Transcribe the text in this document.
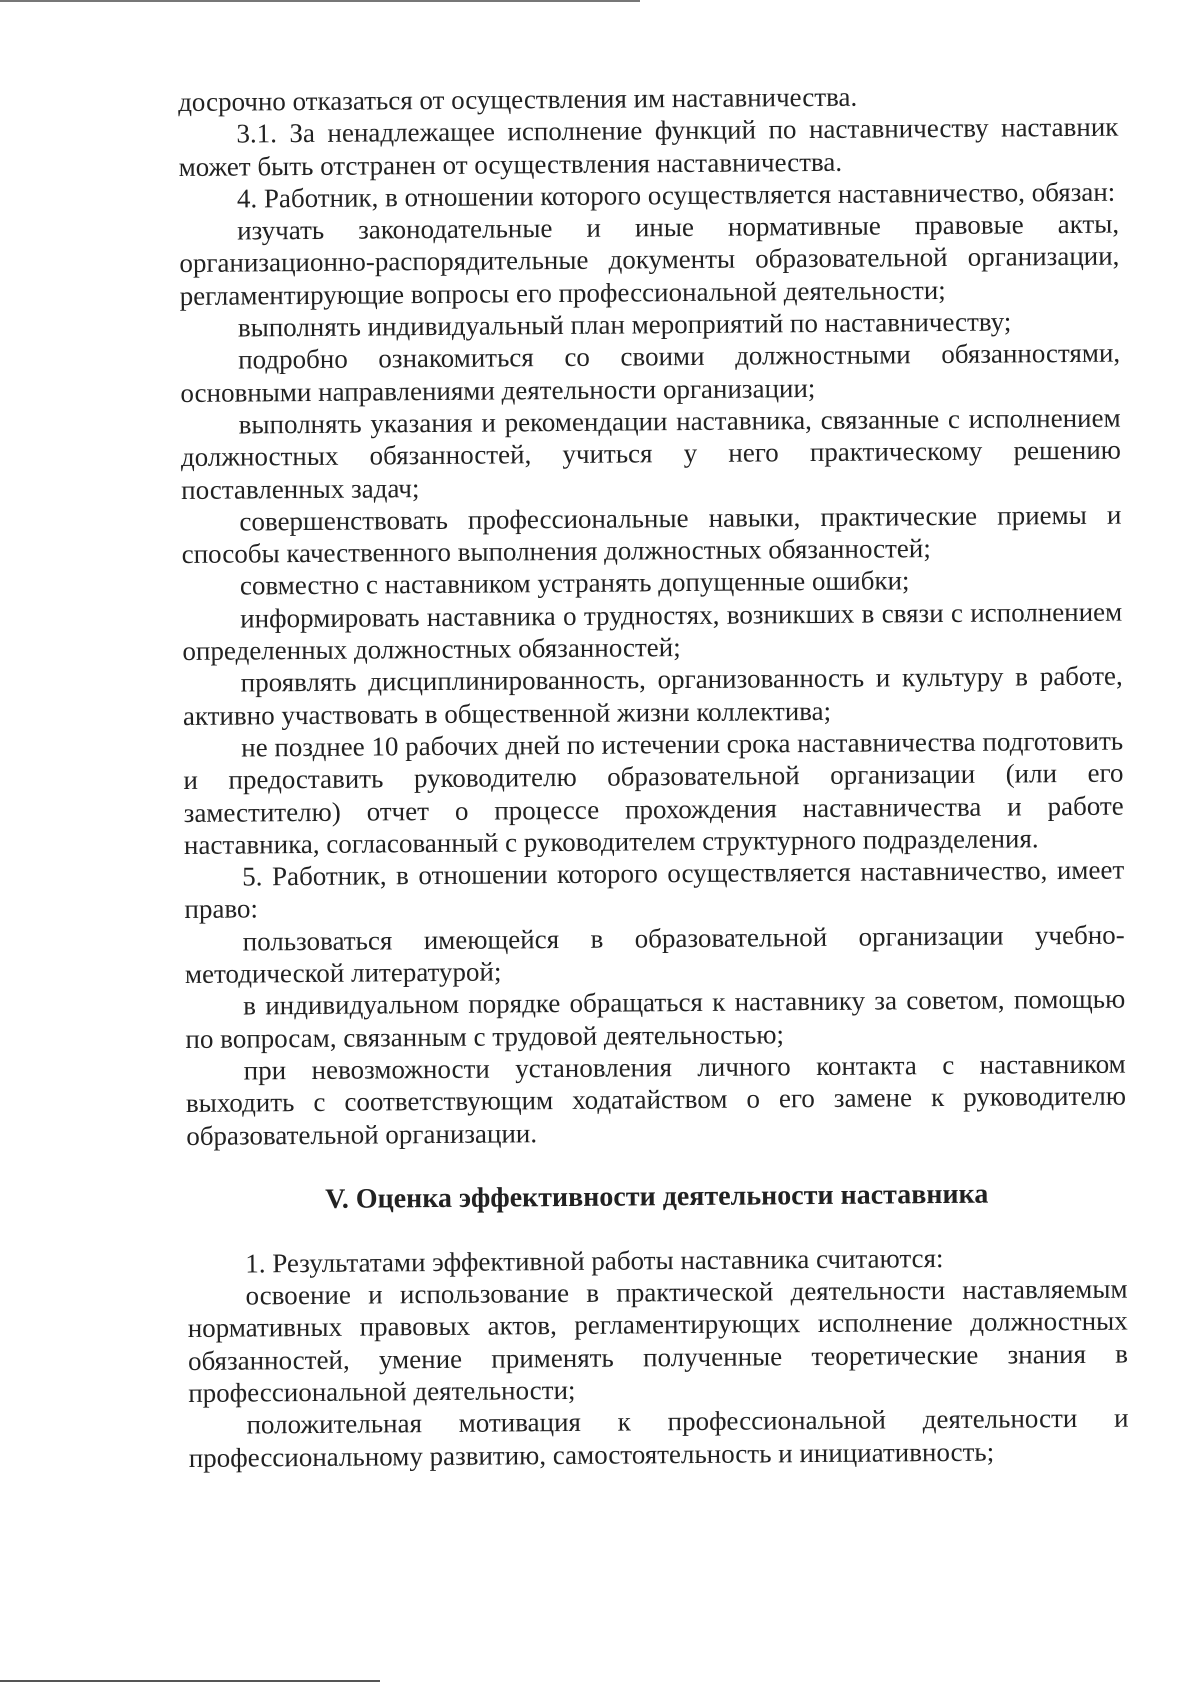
досрочно отказаться от осуществления им наставничества.

3.1. За ненадлежащее исполнение функций по наставничеству наставник может быть отстранен от осуществления наставничества.

4. Работник, в отношении которого осуществляется наставничество, обязан:

изучать законодательные и иные нормативные правовые акты, организационно-распорядительные документы образовательной организации, регламентирующие вопросы его профессиональной деятельности;

выполнять индивидуальный план мероприятий по наставничеству;

подробно ознакомиться со своими должностными обязанностями, основными направлениями деятельности организации;

выполнять указания и рекомендации наставника, связанные с исполнением должностных обязанностей, учиться у него практическому решению поставленных задач;

совершенствовать профессиональные навыки, практические приемы и способы качественного выполнения должностных обязанностей;

совместно с наставником устранять допущенные ошибки;

информировать наставника о трудностях, возникших в связи с исполнением определенных должностных обязанностей;

проявлять дисциплинированность, организованность и культуру в работе, активно участвовать в общественной жизни коллектива;

не позднее 10 рабочих дней по истечении срока наставничества подготовить и предоставить руководителю образовательной организации (или его заместителю) отчет о процессе прохождения наставничества и работе наставника, согласованный с руководителем структурного подразделения.

5. Работник, в отношении которого осуществляется наставничество, имеет право:

пользоваться имеющейся в образовательной организации учебно-методической литературой;

в индивидуальном порядке обращаться к наставнику за советом, помощью по вопросам, связанным с трудовой деятельностью;

при невозможности установления личного контакта с наставником выходить с соответствующим ходатайством о его замене к руководителю образовательной организации.

V. Оценка эффективности деятельности наставника

1. Результатами эффективной работы наставника считаются:

освоение и использование в практической деятельности наставляемым нормативных правовых актов, регламентирующих исполнение должностных обязанностей, умение применять полученные теоретические знания в профессиональной деятельности;

положительная мотивация к профессиональной деятельности и профессиональному развитию, самостоятельность и инициативность;
